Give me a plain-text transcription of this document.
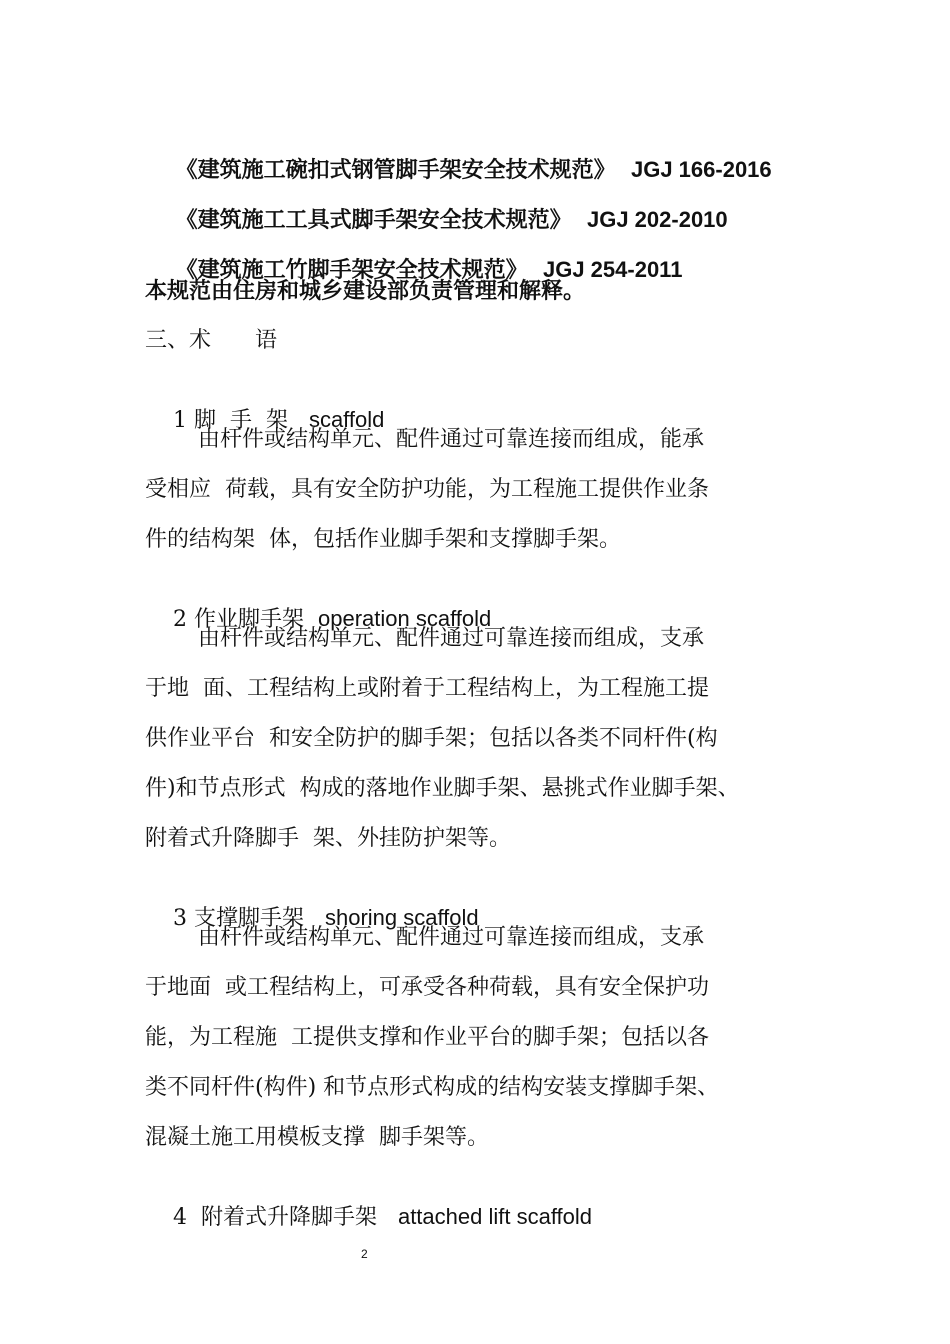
《建筑施工碗扣式钢管脚手架安全技术规范》 JGJ 166-2016

《建筑施工工具式脚手架安全技术规范》 JGJ 202-2010

《建筑施工竹脚手架安全技术规范》 JGJ 254-2011

本规范由住房和城乡建设部负责管理和解释。
三、术　　语

1 脚  手  架 scaffold

由杆件或结构单元、配件通过可靠连接而组成，能承
受相应  荷载，具有安全防护功能，为工程施工提供作业条
件的结构架  体，包括作业脚手架和支撑脚手架。

2 作业脚手架 operation scaffold

由杆件或结构单元、配件通过可靠连接而组成，支承
于地  面、工程结构上或附着于工程结构上，为工程施工提
供作业平台  和安全防护的脚手架；包括以各类不同杆件(构
件)和节点形式  构成的落地作业脚手架、悬挑式作业脚手架、
附着式升降脚手  架、外挂防护架等。

3 支撑脚手架 shoring scaffold

由杆件或结构单元、配件通过可靠连接而组成，支承
于地面  或工程结构上，可承受各种荷载，具有安全保护功
能，为工程施  工提供支撑和作业平台的脚手架；包括以各
类不同杆件(构件) 和节点形式构成的结构安装支撑脚手架、
混凝土施工用模板支撑  脚手架等。

4  附着式升降脚手架 attached lift scaffold

2
